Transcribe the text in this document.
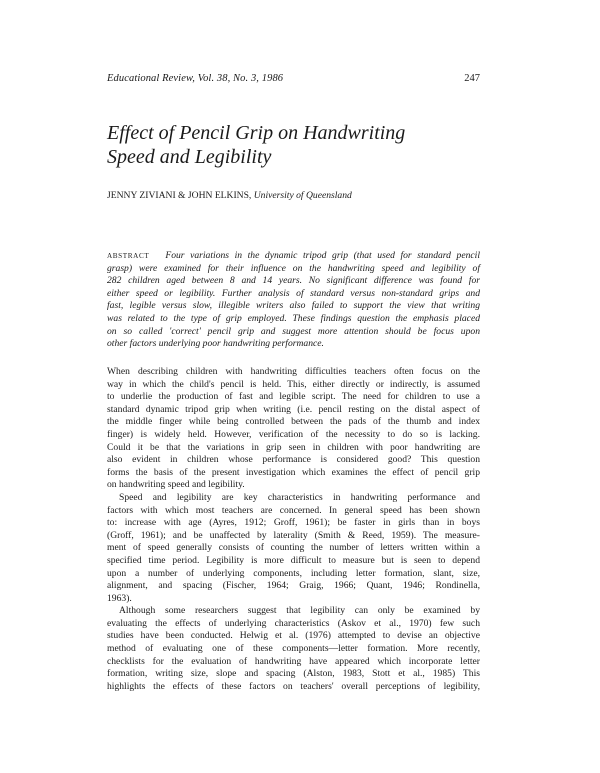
Educational Review, Vol. 38, No. 3, 1986	247
Effect of Pencil Grip on Handwriting
Speed and Legibility
JENNY ZIVIANI & JOHN ELKINS, University of Queensland
ABSTRACT Four variations in the dynamic tripod grip (that used for standard pencil
grasp) were examined for their influence on the handwriting speed and legibility of
282 children aged between 8 and 14 years. No significant difference was found for
either speed or legibility. Further analysis of standard versus non-standard grips and
fast, legible versus slow, illegible writers also failed to support the view that writing
was related to the type of grip employed. These findings question the emphasis placed
on so called 'correct' pencil grip and suggest more attention should be focus upon
other factors underlying poor handwriting performance.
When describing children with handwriting difficulties teachers often focus on the
way in which the child's pencil is held. This, either directly or indirectly, is assumed
to underlie the production of fast and legible script. The need for children to use a
standard dynamic tripod grip when writing (i.e. pencil resting on the distal aspect of
the middle finger while being controlled between the pads of the thumb and index
finger) is widely held. However, verification of the necessity to do so is lacking.
Could it be that the variations in grip seen in children with poor handwriting are
also evident in children whose performance is considered good? This question
forms the basis of the present investigation which examines the effect of pencil grip
on handwriting speed and legibility.
Speed and legibility are key characteristics in handwriting performance and
factors with which most teachers are concerned. In general speed has been shown
to: increase with age (Ayres, 1912; Groff, 1961); be faster in girls than in boys
(Groff, 1961); and be unaffected by laterality (Smith & Reed, 1959). The measure-
ment of speed generally consists of counting the number of letters written within a
specified time period. Legibility is more difficult to measure but is seen to depend
upon a number of underlying components, including letter formation, slant, size,
alignment, and spacing (Fischer, 1964; Graig, 1966; Quant, 1946; Rondinella,
1963).
Although some researchers suggest that legibility can only be examined by
evaluating the effects of underlying characteristics (Askov et al., 1970) few such
studies have been conducted. Helwig et al. (1976) attempted to devise an objective
method of evaluating one of these components—letter formation. More recently,
checklists for the evaluation of handwriting have appeared which incorporate letter
formation, writing size, slope and spacing (Alston, 1983, Stott et al., 1985) This
highlights the effects of these factors on teachers' overall perceptions of legibility,
